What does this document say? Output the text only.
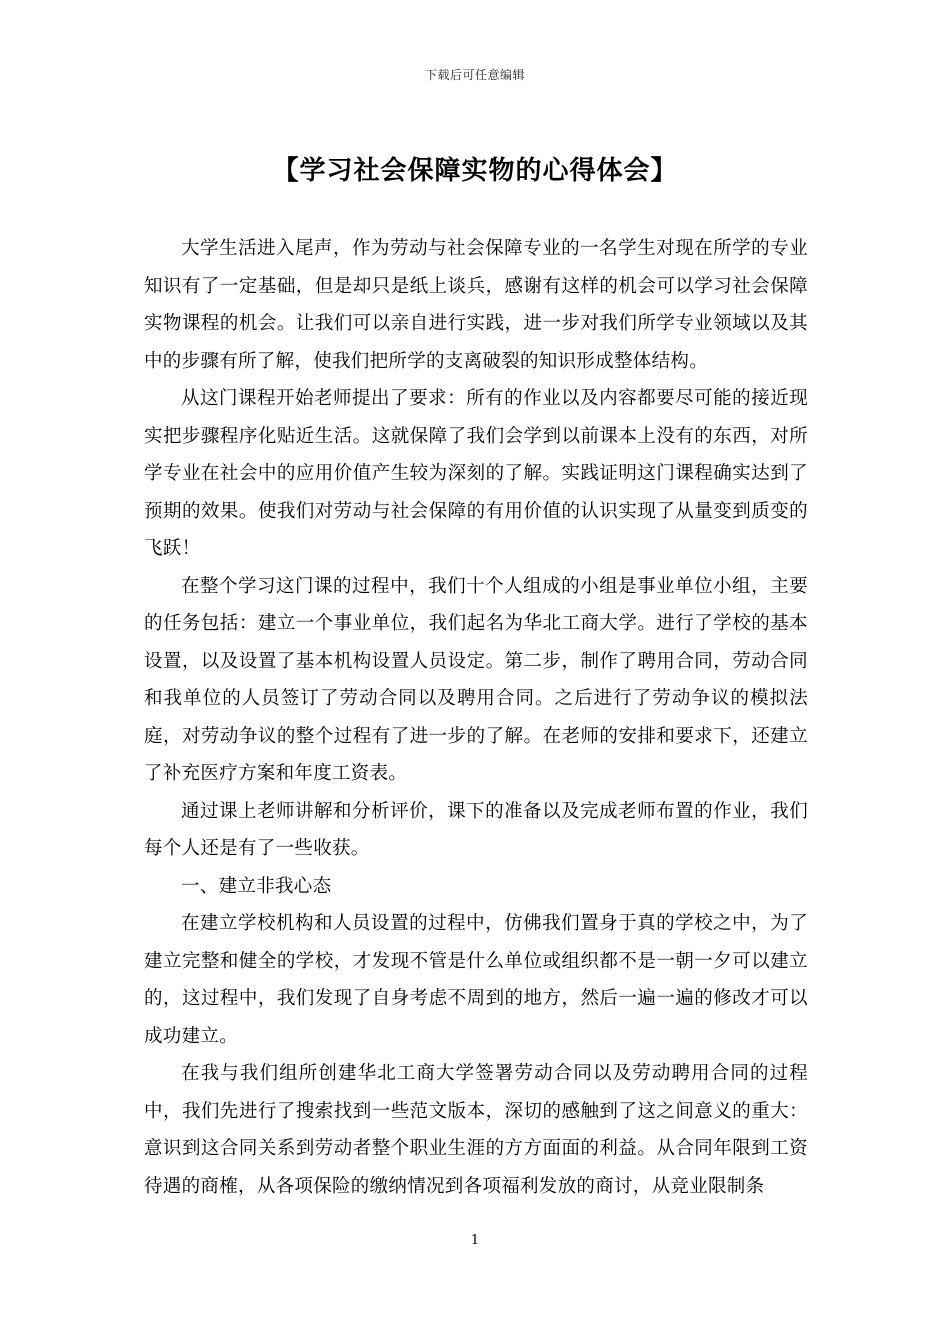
下载后可任意编辑
【学习社会保障实物的心得体会】

大学生活进入尾声，作为劳动与社会保障专业的一名学生对现在所学的专业知识有了一定基础，但是却只是纸上谈兵，感谢有这样的机会可以学习社会保障实物课程的机会。让我们可以亲自进行实践，进一步对我们所学专业领域以及其中的步骤有所了解，使我们把所学的支离破裂的知识形成整体结构。

从这门课程开始老师提出了要求：所有的作业以及内容都要尽可能的接近现实把步骤程序化贴近生活。这就保障了我们会学到以前课本上没有的东西，对所学专业在社会中的应用价值产生较为深刻的了解。实践证明这门课程确实达到了预期的效果。使我们对劳动与社会保障的有用价值的认识实现了从量变到质变的飞跃！

在整个学习这门课的过程中，我们十个人组成的小组是事业单位小组，主要的任务包括：建立一个事业单位，我们起名为华北工商大学。进行了学校的基本设置，以及设置了基本机构设置人员设定。第二步，制作了聘用合同，劳动合同和我单位的人员签订了劳动合同以及聘用合同。之后进行了劳动争议的模拟法庭，对劳动争议的整个过程有了进一步的了解。在老师的安排和要求下，还建立了补充医疗方案和年度工资表。

通过课上老师讲解和分析评价，课下的准备以及完成老师布置的作业，我们每个人还是有了一些收获。

一、建立非我心态

在建立学校机构和人员设置的过程中，仿佛我们置身于真的学校之中，为了建立完整和健全的学校，才发现不管是什么单位或组织都不是一朝一夕可以建立的，这过程中，我们发现了自身考虑不周到的地方，然后一遍一遍的修改才可以成功建立。

在我与我们组所创建华北工商大学签署劳动合同以及劳动聘用合同的过程中，我们先进行了搜索找到一些范文版本，深切的感触到了这之间意义的重大：意识到这合同关系到劳动者整个职业生涯的方方面面的利益。从合同年限到工资待遇的商榷，从各项保险的缴纳情况到各项福利发放的商讨，从竞业限制条

1
